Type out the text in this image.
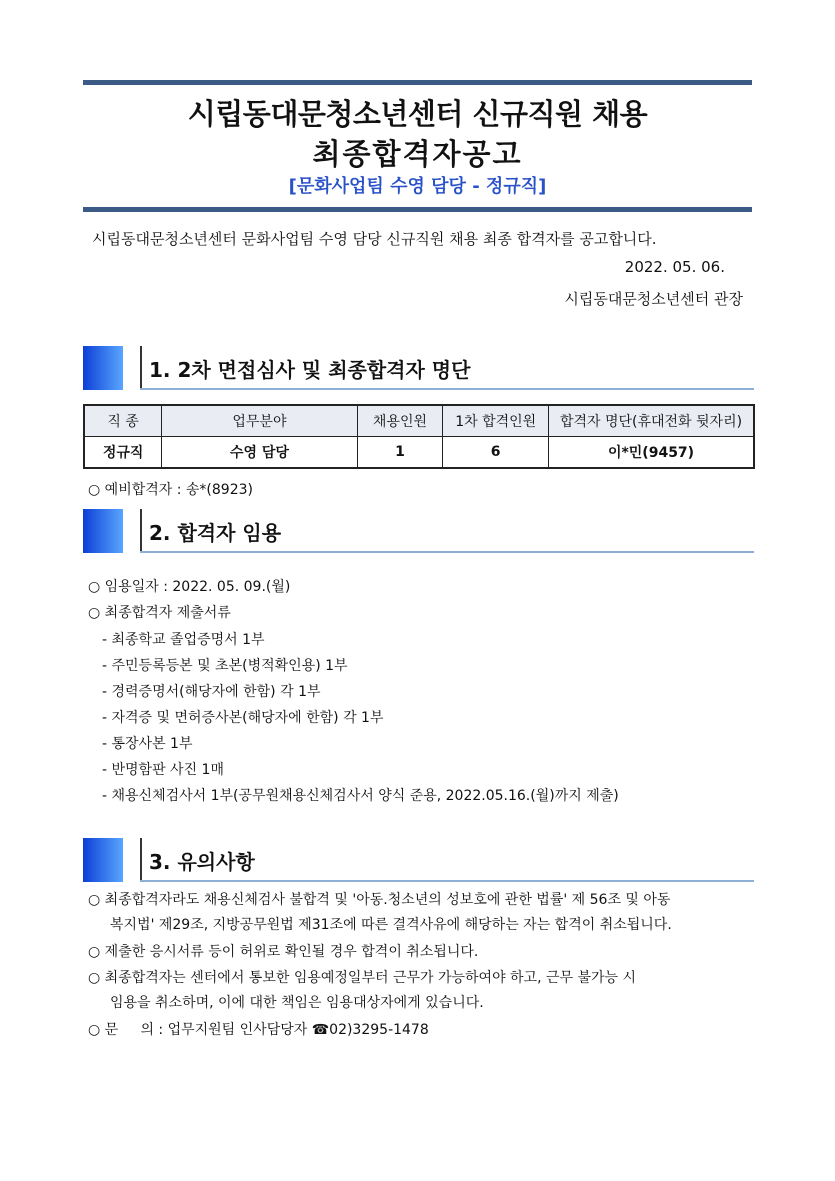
시립동대문청소년센터 신규직원 채용
최종합격자공고
[문화사업팀 수영 담당 - 정규직]
시립동대문청소년센터 문화사업팀 수영 담당 신규직원 채용 최종 합격자를 공고합니다.
2022. 05. 06.
시립동대문청소년센터 관장
1. 2차 면접심사 및 최종합격자 명단
직 종	업무분야	채용인원	1차 합격인원	합격자 명단(휴대전화 뒷자리)
정규직	수영 담당	1	6	이*민(9457)
○ 예비합격자 : 송*(8923)
2. 합격자 임용
○ 임용일자 : 2022. 05. 09.(월)
○ 최종합격자 제출서류
- 최종학교 졸업증명서 1부
- 주민등록등본 및 초본(병적확인용) 1부
- 경력증명서(해당자에 한함) 각 1부
- 자격증 및 면허증사본(해당자에 한함) 각 1부
- 통장사본 1부
- 반명함판 사진 1매
- 채용신체검사서 1부(공무원채용신체검사서 양식 준용, 2022.05.16.(월)까지 제출)
3. 유의사항
○ 최종합격자라도 채용신체검사 불합격 및 '아동.청소년의 성보호에 관한 법률' 제 56조 및 아동
복지법' 제29조, 지방공무원법 제31조에 따른 결격사유에 해당하는 자는 합격이 취소됩니다.
○ 제출한 응시서류 등이 허위로 확인될 경우 합격이 취소됩니다.
○ 최종합격자는 센터에서 통보한 임용예정일부터 근무가 가능하여야 하고, 근무 불가능 시
임용을 취소하며, 이에 대한 책임은 임용대상자에게 있습니다.
○ 문     의 : 업무지원팀 인사담당자 ☎02)3295-1478
